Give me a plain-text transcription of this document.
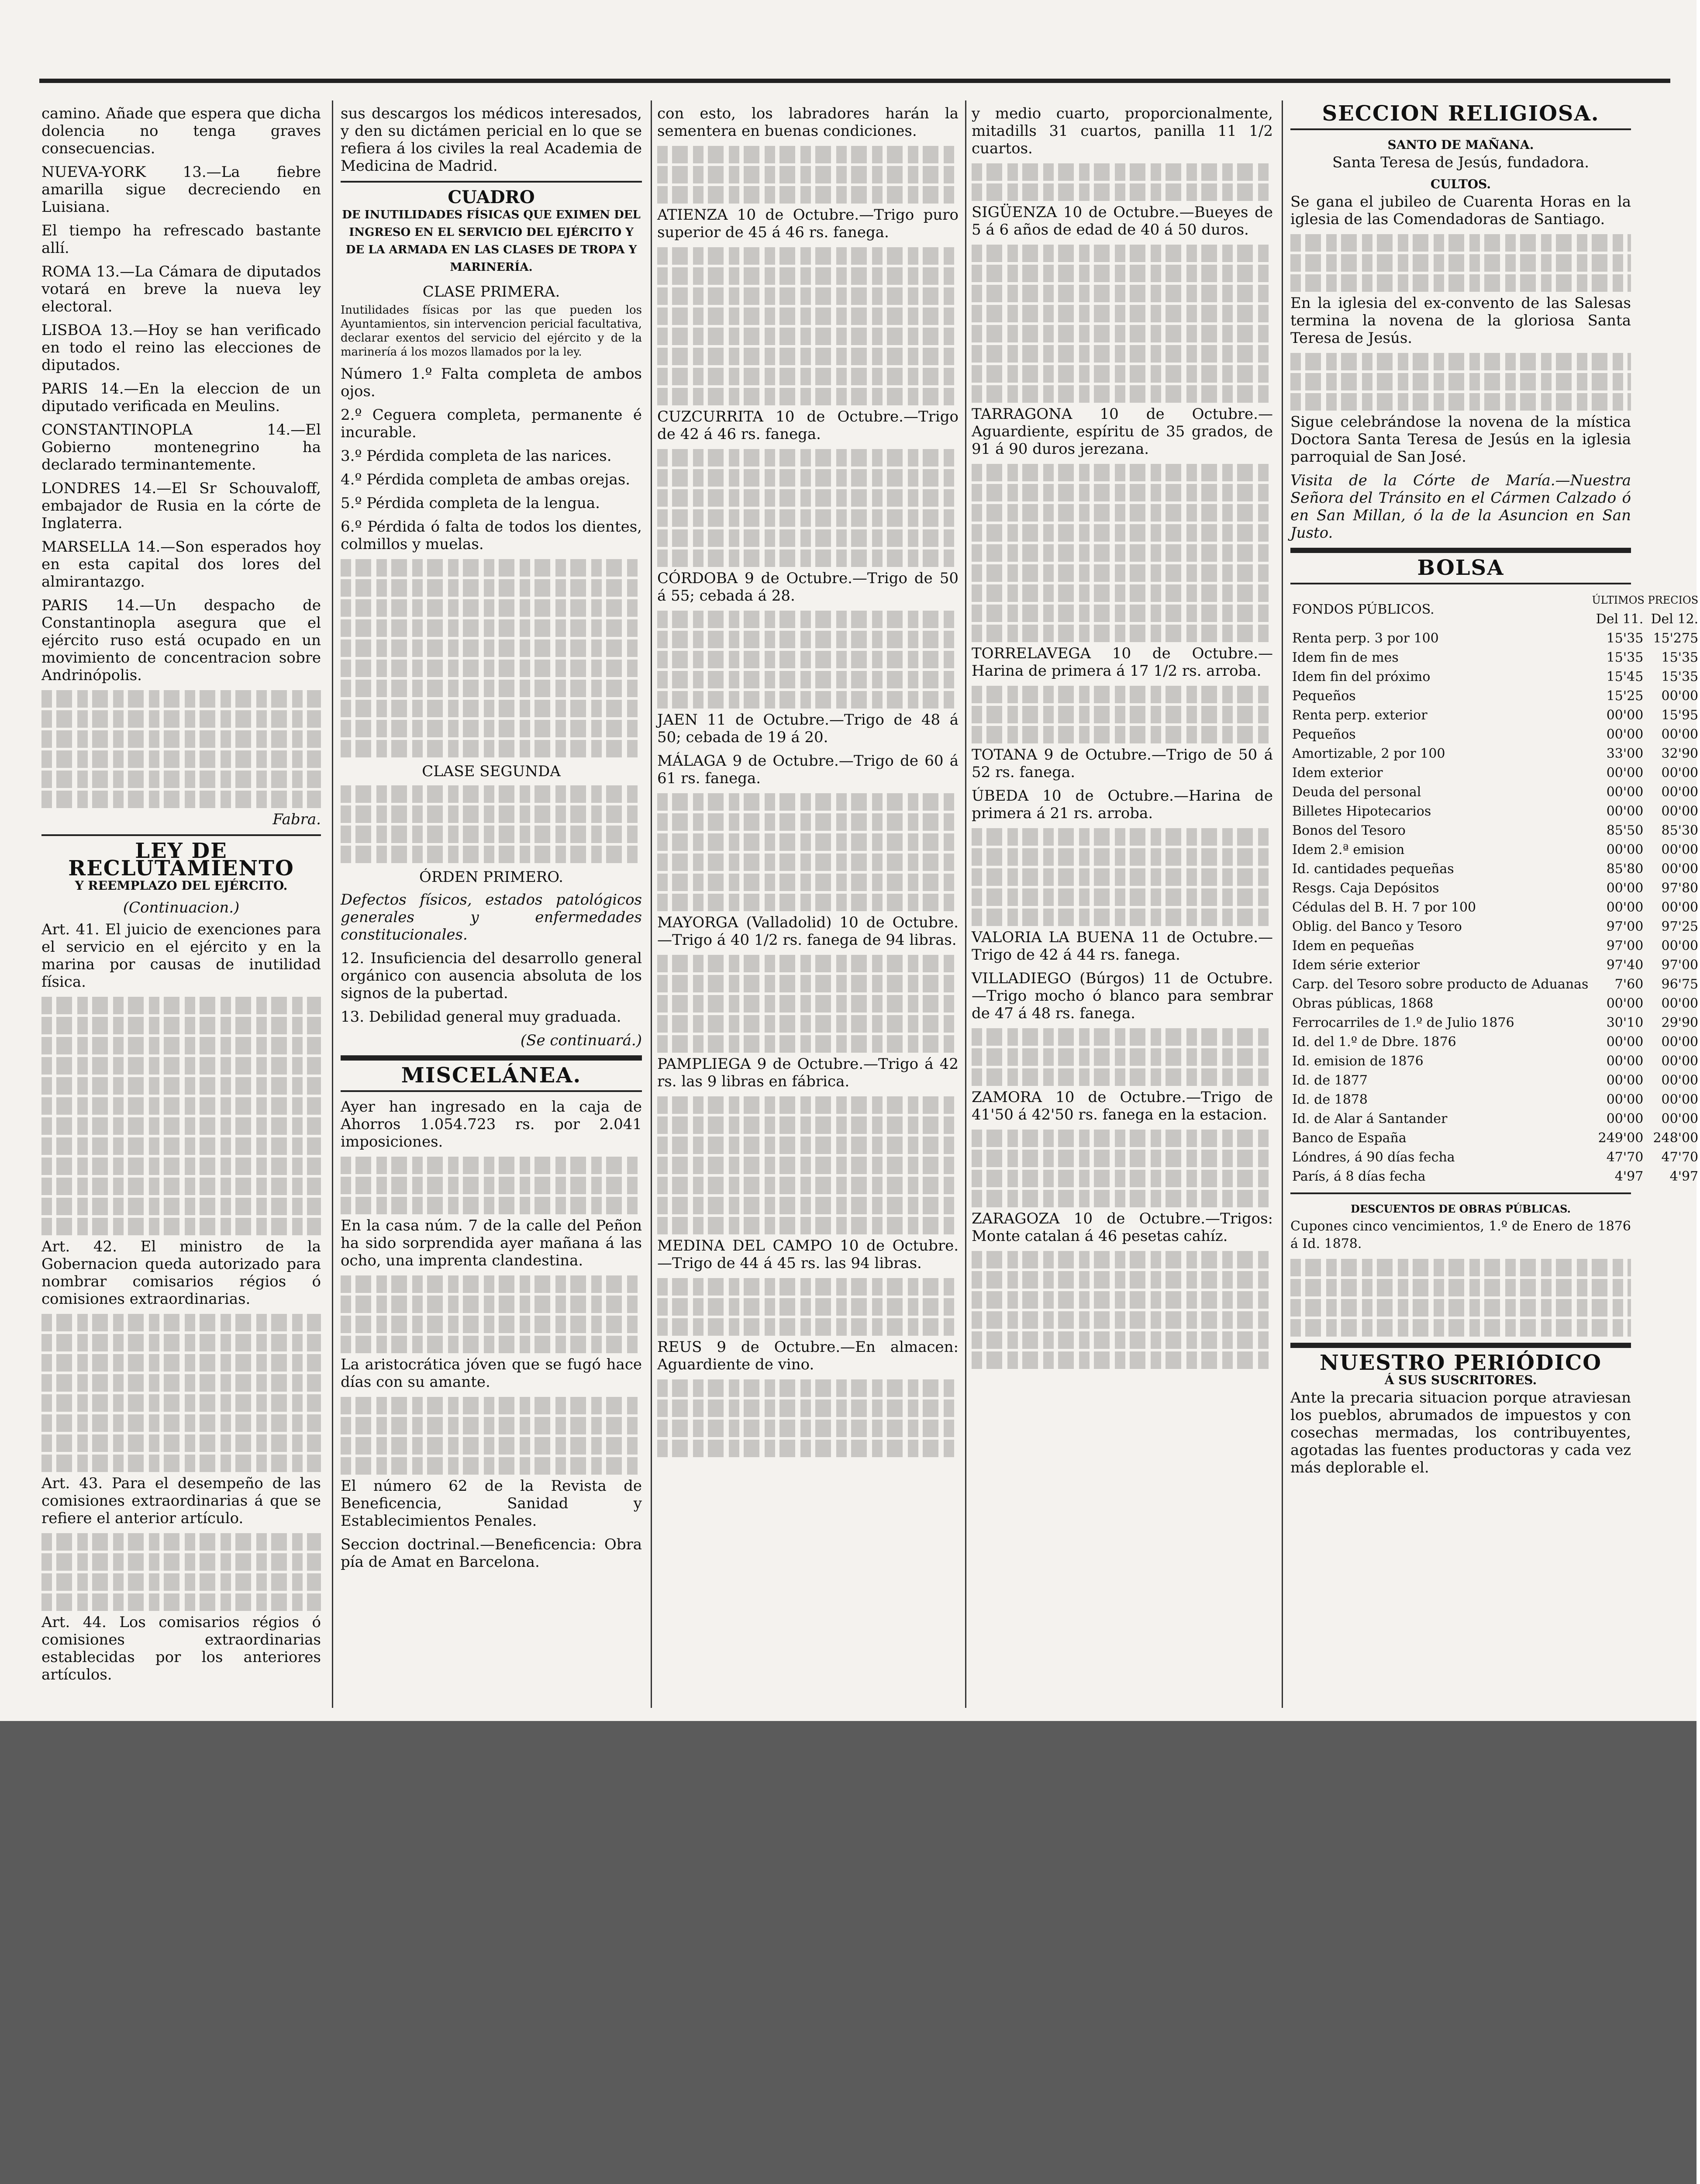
camino. Añade que espera que dicha dolencia no tenga graves consecuencias.

NUEVA-YORK 13.—La fiebre amarilla sigue decreciendo en Luisiana.

El tiempo ha refrescado bastante allí.

ROMA 13.—La Cámara de diputados votará en breve la nueva ley electoral.

LISBOA 13.—Hoy se han verificado en todo el reino las elecciones de diputados.

PARIS 14.—En la eleccion de un diputado verificada en Meulins.

CONSTANTINOPLA 14.—El Gobierno montenegrino ha declarado terminantemente.

LONDRES 14.—El Sr Schouvaloff, embajador de Rusia en la córte de Inglaterra.

MARSELLA 14.—Son esperados hoy en esta capital dos lores del almirantazgo.

PARIS 14.—Un despacho de Constantinopla asegura que el ejército ruso está ocupado en un movimiento de concentracion sobre Andrinópolis.

Fabra.

LEY DE RECLUTAMIENTO
Y REEMPLAZO DEL EJÉRCITO.
(Continuacion.)

Art. 41. El juicio de exenciones para el servicio en el ejército y en la marina por causas de inutilidad física.

Art. 42. El ministro de la Gobernacion queda autorizado para nombrar comisarios régios ó comisiones extraordinarias.

Art. 43. Para el desempeño de las comisiones extraordinarias á que se refiere el anterior artículo.

Art. 44. Los comisarios régios ó comisiones extraordinarias establecidas por los anteriores artículos.

sus descargos los médicos interesados, y den su dictámen pericial en lo que se refiera á los civiles la real Academia de Medicina de Madrid.

CUADRO
DE INUTILIDADES FÍSICAS QUE EXIMEN DEL INGRESO EN EL SERVICIO DEL EJÉRCITO Y DE LA ARMADA EN LAS CLASES DE TROPA Y MARINERÍA.
CLASE PRIMERA.

Inutilidades físicas por las que pueden los Ayuntamientos, sin intervencion pericial facultativa, declarar exentos del servicio del ejército y de la marinería á los mozos llamados por la ley.

Número 1.º Falta completa de ambos ojos.

2.º Ceguera completa, permanente é incurable.

3.º Pérdida completa de las narices.

4.º Pérdida completa de ambas orejas.

5.º Pérdida completa de la lengua.

6.º Pérdida ó falta de todos los dientes, colmillos y muelas.

CLASE SEGUNDA
ÓRDEN PRIMERO.

Defectos físicos, estados patológicos generales y enfermedades constitucionales.

12. Insuficiencia del desarrollo general orgánico con ausencia absoluta de los signos de la pubertad.

13. Debilidad general muy graduada.

(Se continuará.)

MISCELÁNEA.

Ayer han ingresado en la caja de Ahorros 1.054.723 rs. por 2.041 imposiciones.

En la casa núm. 7 de la calle del Peñon ha sido sorprendida ayer mañana á las ocho, una imprenta clandestina.

La aristocrática jóven que se fugó hace días con su amante.

El número 62 de la Revista de Beneficencia, Sanidad y Establecimientos Penales.

Seccion doctrinal.—Beneficencia: Obra pía de Amat en Barcelona.

con esto, los labradores harán la sementera en buenas condiciones.

ATIENZA 10 de Octubre.—Trigo puro superior de 45 á 46 rs. fanega.

CUZCURRITA 10 de Octubre.—Trigo de 42 á 46 rs. fanega.

CÓRDOBA 9 de Octubre.—Trigo de 50 á 55; cebada á 28.

JAEN 11 de Octubre.—Trigo de 48 á 50; cebada de 19 á 20.

MÁLAGA 9 de Octubre.—Trigo de 60 á 61 rs. fanega.

MAYORGA (Valladolid) 10 de Octubre.—Trigo á 40 1/2 rs. fanega de 94 libras.

PAMPLIEGA 9 de Octubre.—Trigo á 42 rs. las 9 libras en fábrica.

MEDINA DEL CAMPO 10 de Octubre.—Trigo de 44 á 45 rs. las 94 libras.

REUS 9 de Octubre.—En almacen: Aguardiente de vino.

y medio cuarto, proporcionalmente, mitadills 31 cuartos, panilla 11 1/2 cuartos.

SIGÜENZA 10 de Octubre.—Bueyes de 5 á 6 años de edad de 40 á 50 duros.

TARRAGONA 10 de Octubre.—Aguardiente, espíritu de 35 grados, de 91 á 90 duros jerezana.

TORRELAVEGA 10 de Octubre.—Harina de primera á 17 1/2 rs. arroba.

TOTANA 9 de Octubre.—Trigo de 50 á 52 rs. fanega.

ÚBEDA 10 de Octubre.—Harina de primera á 21 rs. arroba.

VALORIA LA BUENA 11 de Octubre.—Trigo de 42 á 44 rs. fanega.

VILLADIEGO (Búrgos) 11 de Octubre.—Trigo mocho ó blanco para sembrar de 47 á 48 rs. fanega.

ZAMORA 10 de Octubre.—Trigo de 41'50 á 42'50 rs. fanega en la estacion.

ZARAGOZA 10 de Octubre.—Trigos: Monte catalan á 46 pesetas cahíz.

SECCION RELIGIOSA.
SANTO DE MAÑANA.
Santa Teresa de Jesús, fundadora.
CULTOS.

Se gana el jubileo de Cuarenta Horas en la iglesia de las Comendadoras de Santiago.

En la iglesia del ex-convento de las Salesas termina la novena de la gloriosa Santa Teresa de Jesús.

Sigue celebrándose la novena de la mística Doctora Santa Teresa de Jesús en la iglesia parroquial de San José.

Visita de la Córte de María.—Nuestra Señora del Tránsito en el Cármen Calzado ó en San Millan, ó la de la Asuncion en San Justo.

BOLSA
FONDOS PÚBLICOS.	ÚLTIMOS PRECIOS	
	Del 11.	Del 12.
Renta perp. 3 por 100	15'35	15'275
Idem fin de mes	15'35	15'35
Idem fin del próximo	15'45	15'35
Pequeños	15'25	00'00
Renta perp. exterior	00'00	15'95
Pequeños	00'00	00'00
Amortizable, 2 por 100	33'00	32'90
Idem exterior	00'00	00'00
Deuda del personal	00'00	00'00
Billetes Hipotecarios	00'00	00'00
Bonos del Tesoro	85'50	85'30
Idem 2.ª emision	00'00	00'00
Id. cantidades pequeñas	85'80	00'00
Resgs. Caja Depósitos	00'00	97'80
Cédulas del B. H. 7 por 100	00'00	00'00
Oblig. del Banco y Tesoro	97'00	97'25
Idem en pequeñas	97'00	00'00
Idem série exterior	97'40	97'00
Carp. del Tesoro sobre producto de Aduanas	7'60	96'75
Obras públicas, 1868	00'00	00'00
Ferrocarriles de 1.º de Julio 1876	30'10	29'90
Id. del 1.º de Dbre. 1876	00'00	00'00
Id. emision de 1876	00'00	00'00
Id. de 1877	00'00	00'00
Id. de 1878	00'00	00'00
Id. de Alar á Santander	00'00	00'00
Banco de España	249'00	248'00
Lóndres, á 90 días fecha	47'70	47'70
París, á 8 días fecha	4'97	4'97
DESCUENTOS DE OBRAS PÚBLICAS.

Cupones cinco vencimientos, 1.º de Enero de 1876 á Id. 1878.

NUESTRO PERIÓDICO
Á SUS SUSCRITORES.

Ante la precaria situacion porque atraviesan los pueblos, abrumados de impuestos y con cosechas mermadas, los contribuyentes, agotadas las fuentes productoras y cada vez más deplorable el.
